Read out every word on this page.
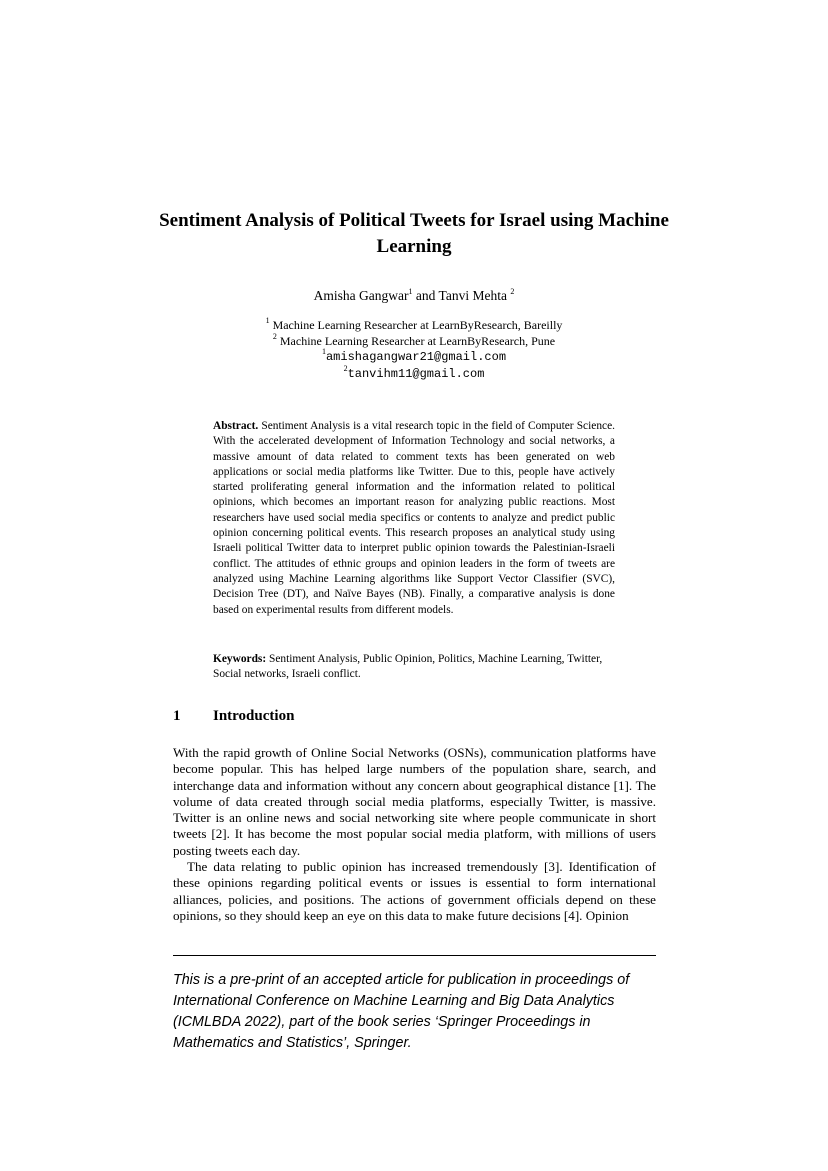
Sentiment Analysis of Political Tweets for Israel using Machine Learning
Amisha Gangwar$^1$ and Tanvi Mehta $^2$
$^1$ Machine Learning Researcher at LearnByResearch, Bareilly
$^2$ Machine Learning Researcher at LearnByResearch, Pune
$^1$amishagangwar21@gmail.com
$^2$tanvihm11@gmail.com
Abstract. Sentiment Analysis is a vital research topic in the field of Computer Science. With the accelerated development of Information Technology and social networks, a massive amount of data related to comment texts has been generated on web applications or social media platforms like Twitter. Due to this, people have actively started proliferating general information and the information related to political opinions, which becomes an important reason for analyzing public reactions. Most researchers have used social media specifics or contents to analyze and predict public opinion concerning political events. This research proposes an analytical study using Israeli political Twitter data to interpret public opinion towards the Palestinian-Israeli conflict. The attitudes of ethnic groups and opinion leaders in the form of tweets are analyzed using Machine Learning algorithms like Support Vector Classifier (SVC), Decision Tree (DT), and Naïve Bayes (NB). Finally, a comparative analysis is done based on experimental results from different models.
Keywords: Sentiment Analysis, Public Opinion, Politics, Machine Learning, Twitter, Social networks, Israeli conflict.
1 Introduction

With the rapid growth of Online Social Networks (OSNs), communication platforms have become popular. This has helped large numbers of the population share, search, and interchange data and information without any concern about geographical distance [1]. The volume of data created through social media platforms, especially Twitter, is massive. Twitter is an online news and social networking site where people communicate in short tweets [2]. It has become the most popular social media platform, with millions of users posting tweets each day.

The data relating to public opinion has increased tremendously [3]. Identification of these opinions regarding political events or issues is essential to form international alliances, policies, and positions. The actions of government officials depend on these opinions, so they should keep an eye on this data to make future decisions [4]. Opinion

This is a pre-print of an accepted article for publication in proceedings of International Conference on Machine Learning and Big Data Analytics (ICMLBDA 2022), part of the book series ‘Springer Proceedings in Mathematics and Statistics’, Springer.
